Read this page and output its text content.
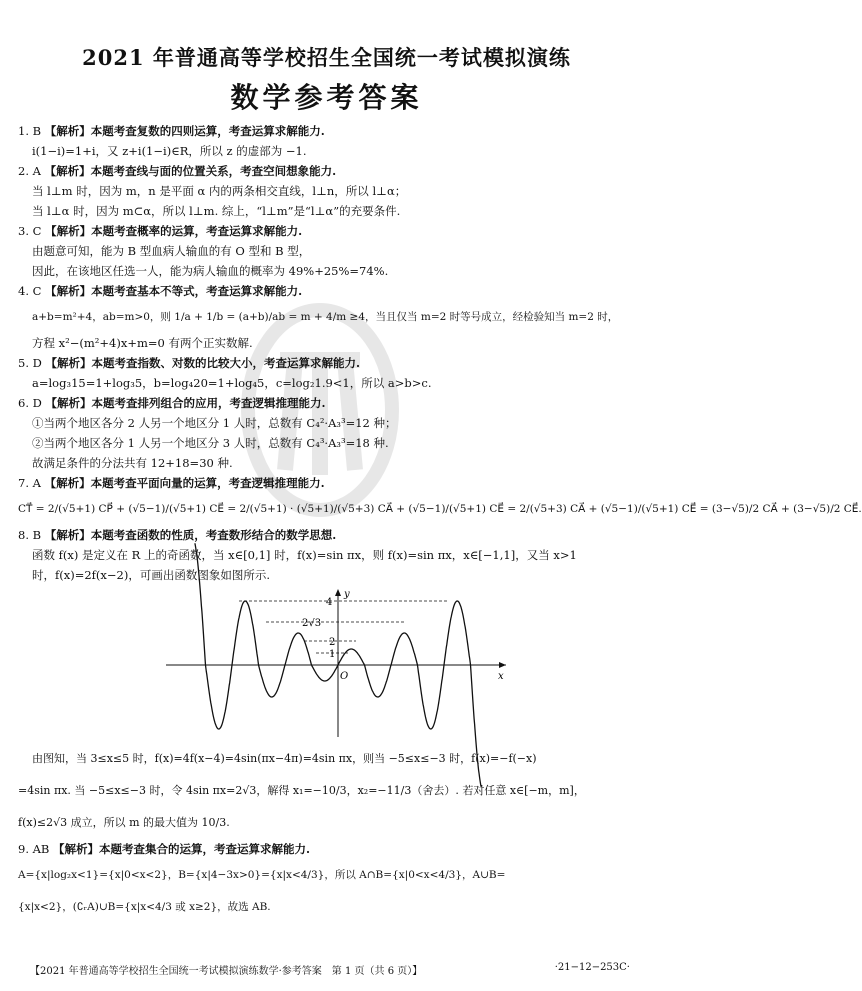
2021 年普通高等学校招生全国统一考试模拟演练
数学参考答案
1. B 【解析】本题考查复数的四则运算，考查运算求解能力.
i(1−i)=1+i，又 z+i(1−i)∈R，所以 z 的虚部为 −1.
2. A 【解析】本题考查线与面的位置关系，考查空间想象能力.
当 l⊥m 时，因为 m，n 是平面 α 内的两条相交直线，l⊥n，所以 l⊥α；
当 l⊥α 时，因为 m⊂α，所以 l⊥m. 综上，“l⊥m”是“l⊥α”的充要条件.
3. C 【解析】本题考查概率的运算，考查运算求解能力.
由题意可知，能为 B 型血病人输血的有 O 型和 B 型，
因此，在该地区任选一人，能为病人输血的概率为 49%+25%=74%.
4. C 【解析】本题考查基本不等式，考查运算求解能力.
a+b=m²+4，ab=m>0，则 1/a + 1/b = (a+b)/ab = m + 4/m ≥4，当且仅当 m=2 时等号成立，经检验知当 m=2 时，
方程 x²−(m²+4)x+m=0 有两个正实数解.
5. D 【解析】本题考查指数、对数的比较大小，考查运算求解能力.
a=log₃15=1+log₃5，b=log₄20=1+log₄5，c=log₂1.9<1，所以 a>b>c.
6. D 【解析】本题考查排列组合的应用，考查逻辑推理能力.
①当两个地区各分 2 人另一个地区分 1 人时，总数有 C₄²·A₃³=12 种；
②当两个地区各分 1 人另一个地区分 3 人时，总数有 C₄³·A₃³=18 种.
故满足条件的分法共有 12+18=30 种.
7. A 【解析】本题考查平面向量的运算，考查逻辑推理能力.
CT⃗ = 2/(√5+1) CP⃗ + (√5−1)/(√5+1) CE⃗ = 2/(√5+1) · (√5+1)/(√5+3) CA⃗ + (√5−1)/(√5+1) CE⃗ = 2/(√5+3) CA⃗ + (√5−1)/(√5+1) CE⃗ = (3−√5)/2 CA⃗ + (3−√5)/2 CE⃗.
8. B 【解析】本题考查函数的性质，考查数形结合的数学思想.
函数 f(x) 是定义在 R 上的奇函数，当 x∈[0,1] 时，f(x)=sin πx，则 f(x)=sin πx，x∈[−1,1]，又当 x>1
时，f(x)=2f(x−2)，可画出函数图象如图所示.
y
x
O
4
2√3
2
1
由图知，当 3≤x≤5 时，f(x)=4f(x−4)=4sin(πx−4π)=4sin πx，则当 −5≤x≤−3 时，f(x)=−f(−x)
=4sin πx. 当 −5≤x≤−3 时，令 4sin πx=2√3，解得 x₁=−10/3，x₂=−11/3（舍去）. 若对任意 x∈[−m，m]，
f(x)≤2√3 成立，所以 m 的最大值为 10/3.
9. AB 【解析】本题考查集合的运算，考查运算求解能力.
A={x|log₂x<1}={x|0<x<2}，B={x|4−3x>0}={x|x<4/3}，所以 A∩B={x|0<x<4/3}，A∪B=
{x|x<2}，(∁ᵣA)∪B={x|x<4/3 或 x≥2}，故选 AB.
【2021 年普通高等学校招生全国统一考试模拟演练数学·参考答案　第 1 页（共 6 页）】	·21−12−253C·
